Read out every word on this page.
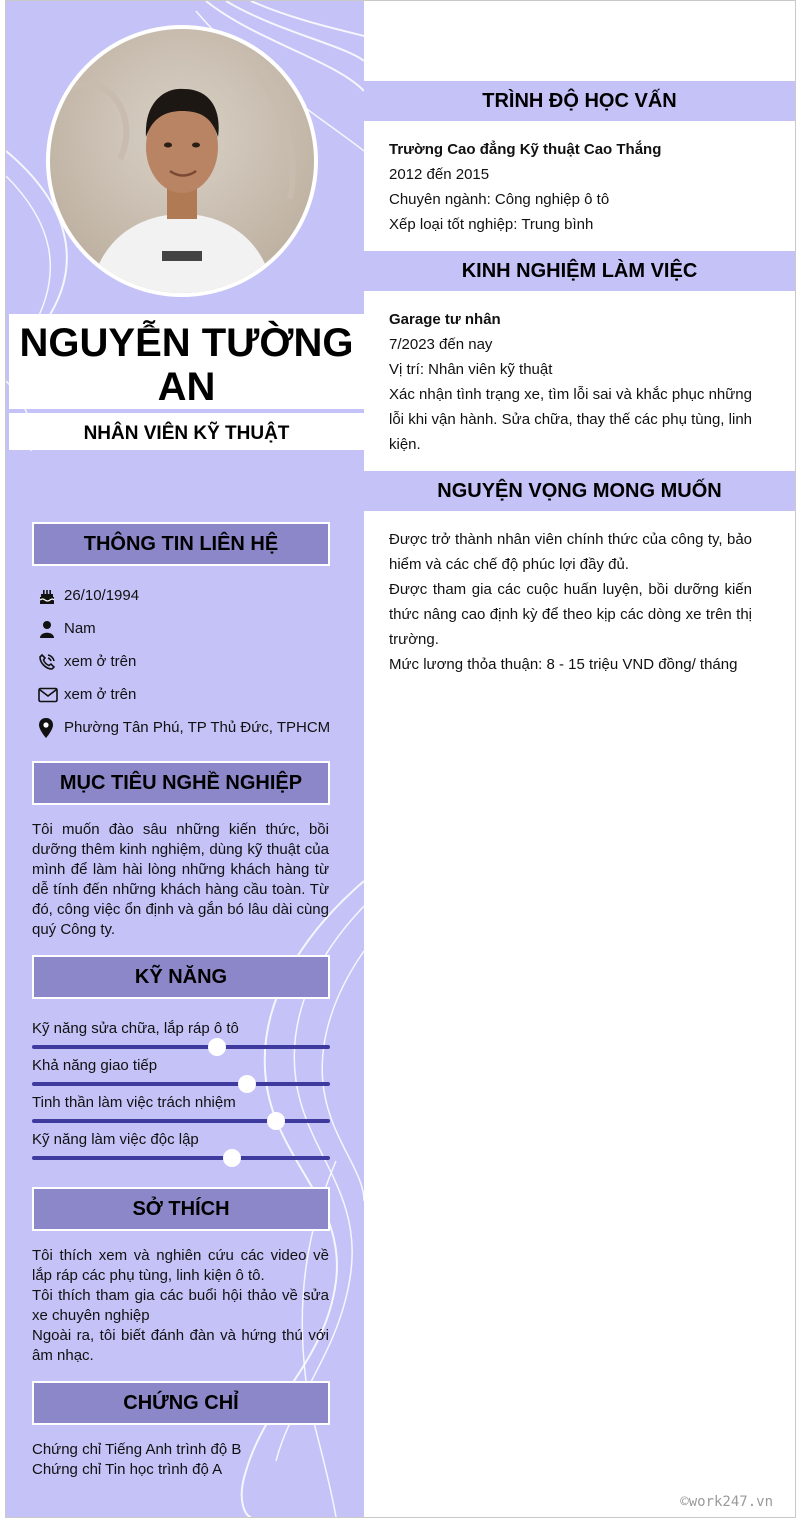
NGUYỄN TƯỜNG AN
NHÂN VIÊN KỸ THUẬT
THÔNG TIN LIÊN HỆ
26/10/1994
Nam
xem ở trên
xem ở trên
Phường Tân Phú, TP Thủ Đức, TPHCM
MỤC TIÊU NGHỀ NGHIỆP
Tôi muốn đào sâu những kiến thức, bồi dưỡng thêm kinh nghiệm, dùng kỹ thuật của mình để làm hài lòng những khách hàng từ dễ tính đến những khách hàng cầu toàn. Từ đó, công việc ổn định và gắn bó lâu dài cùng quý Công ty.
KỸ NĂNG
Kỹ năng sửa chữa, lắp ráp ô tô
Khả năng giao tiếp
Tinh thần làm việc trách nhiệm
Kỹ năng làm việc độc lập
SỞ THÍCH
Tôi thích xem và nghiên cứu các video về lắp ráp các phụ tùng, linh kiện ô tô.
Tôi thích tham gia các buổi hội thảo về sửa xe chuyên nghiệp
Ngoài ra, tôi biết đánh đàn và hứng thú với âm nhạc.
CHỨNG CHỈ
Chứng chỉ Tiếng Anh trình độ B
Chứng chỉ Tin học trình độ A
TRÌNH ĐỘ HỌC VẤN
Trường Cao đẳng Kỹ thuật Cao Thắng
2012 đến 2015
Chuyên ngành: Công nghiệp ô tô
Xếp loại tốt nghiệp: Trung bình
KINH NGHIỆM LÀM VIỆC
Garage tư nhân
7/2023 đến nay
Vị trí: Nhân viên kỹ thuật
Xác nhận tình trạng xe, tìm lỗi sai và khắc phục những lỗi khi vận hành. Sửa chữa, thay thế các phụ tùng, linh kiện.
NGUYỆN VỌNG MONG MUỐN
Được trở thành nhân viên chính thức của công ty, bảo hiểm và các chế độ phúc lợi đầy đủ.
Được tham gia các cuộc huấn luyện, bồi dưỡng kiến thức nâng cao định kỳ để theo kịp các dòng xe trên thị trường.
Mức lương thỏa thuận: 8 - 15 triệu VND đồng/ tháng
©work247.vn
